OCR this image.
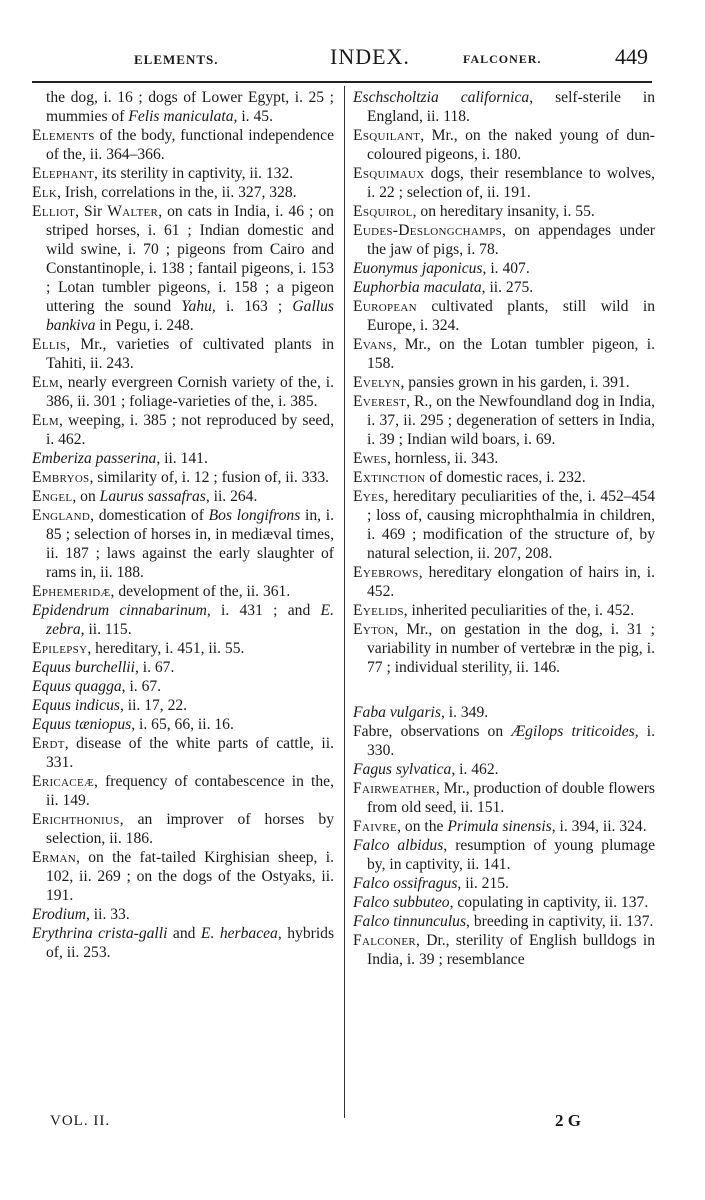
ELEMENTS.	INDEX.	FALCONER.	449
the dog, i. 16 ; dogs of Lower Egypt, i. 25 ; mummies of Felis maniculata, i. 45.
Elements of the body, functional independence of the, ii. 364–366.
Elephant, its sterility in captivity, ii. 132.
Elk, Irish, correlations in the, ii. 327, 328.
Elliot, Sir Walter, on cats in India, i. 46 ; on striped horses, i. 61 ; Indian domestic and wild swine, i. 70 ; pigeons from Cairo and Constantinople, i. 138 ; fantail pigeons, i. 153 ; Lotan tumbler pigeons, i. 158 ; a pigeon uttering the sound Yahu, i. 163 ; Gallus bankiva in Pegu, i. 248.
Ellis, Mr., varieties of cultivated plants in Tahiti, ii. 243.
Elm, nearly evergreen Cornish variety of the, i. 386, ii. 301 ; foliage-varieties of the, i. 385.
Elm, weeping, i. 385 ; not reproduced by seed, i. 462.
Emberiza passerina, ii. 141.
Embryos, similarity of, i. 12 ; fusion of, ii. 333.
Engel, on Laurus sassafras, ii. 264.
England, domestication of Bos longifrons in, i. 85 ; selection of horses in, in mediæval times, ii. 187 ; laws against the early slaughter of rams in, ii. 188.
Ephemeridæ, development of the, ii. 361.
Epidendrum cinnabarinum, i. 431 ; and E. zebra, ii. 115.
Epilepsy, hereditary, i. 451, ii. 55.
Equus burchellii, i. 67.
Equus quagga, i. 67.
Equus indicus, ii. 17, 22.
Equus tæniopus, i. 65, 66, ii. 16.
Erdt, disease of the white parts of cattle, ii. 331.
Ericaceæ, frequency of contabescence in the, ii. 149.
Erichthonius, an improver of horses by selection, ii. 186.
Erman, on the fat-tailed Kirghisian sheep, i. 102, ii. 269 ; on the dogs of the Ostyaks, ii. 191.
Erodium, ii. 33.
Erythrina crista-galli and E. herbacea, hybrids of, ii. 253.
Eschscholtzia californica, self-sterile in England, ii. 118.
Esquilant, Mr., on the naked young of dun-coloured pigeons, i. 180.
Esquimaux dogs, their resemblance to wolves, i. 22 ; selection of, ii. 191.
Esquirol, on hereditary insanity, i. 55.
Eudes-Deslongchamps, on appendages under the jaw of pigs, i. 78.
Euonymus japonicus, i. 407.
Euphorbia maculata, ii. 275.
European cultivated plants, still wild in Europe, i. 324.
Evans, Mr., on the Lotan tumbler pigeon, i. 158.
Evelyn, pansies grown in his garden, i. 391.
Everest, R., on the Newfoundland dog in India, i. 37, ii. 295 ; degeneration of setters in India, i. 39 ; Indian wild boars, i. 69.
Ewes, hornless, ii. 343.
Extinction of domestic races, i. 232.
Eyes, hereditary peculiarities of the, i. 452–454 ; loss of, causing microphthalmia in children, i. 469 ; modification of the structure of, by natural selection, ii. 207, 208.
Eyebrows, hereditary elongation of hairs in, i. 452.
Eyelids, inherited peculiarities of the, i. 452.
Eyton, Mr., on gestation in the dog, i. 31 ; variability in number of vertebræ in the pig, i. 77 ; individual sterility, ii. 146.
Faba vulgaris, i. 349.
Fabre, observations on Ægilops triticoides, i. 330.
Fagus sylvatica, i. 462.
Fairweather, Mr., production of double flowers from old seed, ii. 151.
Faivre, on the Primula sinensis, i. 394, ii. 324.
Falco albidus, resumption of young plumage by, in captivity, ii. 141.
Falco ossifragus, ii. 215.
Falco subbuteo, copulating in captivity, ii. 137.
Falco tinnunculus, breeding in captivity, ii. 137.
Falconer, Dr., sterility of English bulldogs in India, i. 39 ; resemblance
VOL. II.	2 G
